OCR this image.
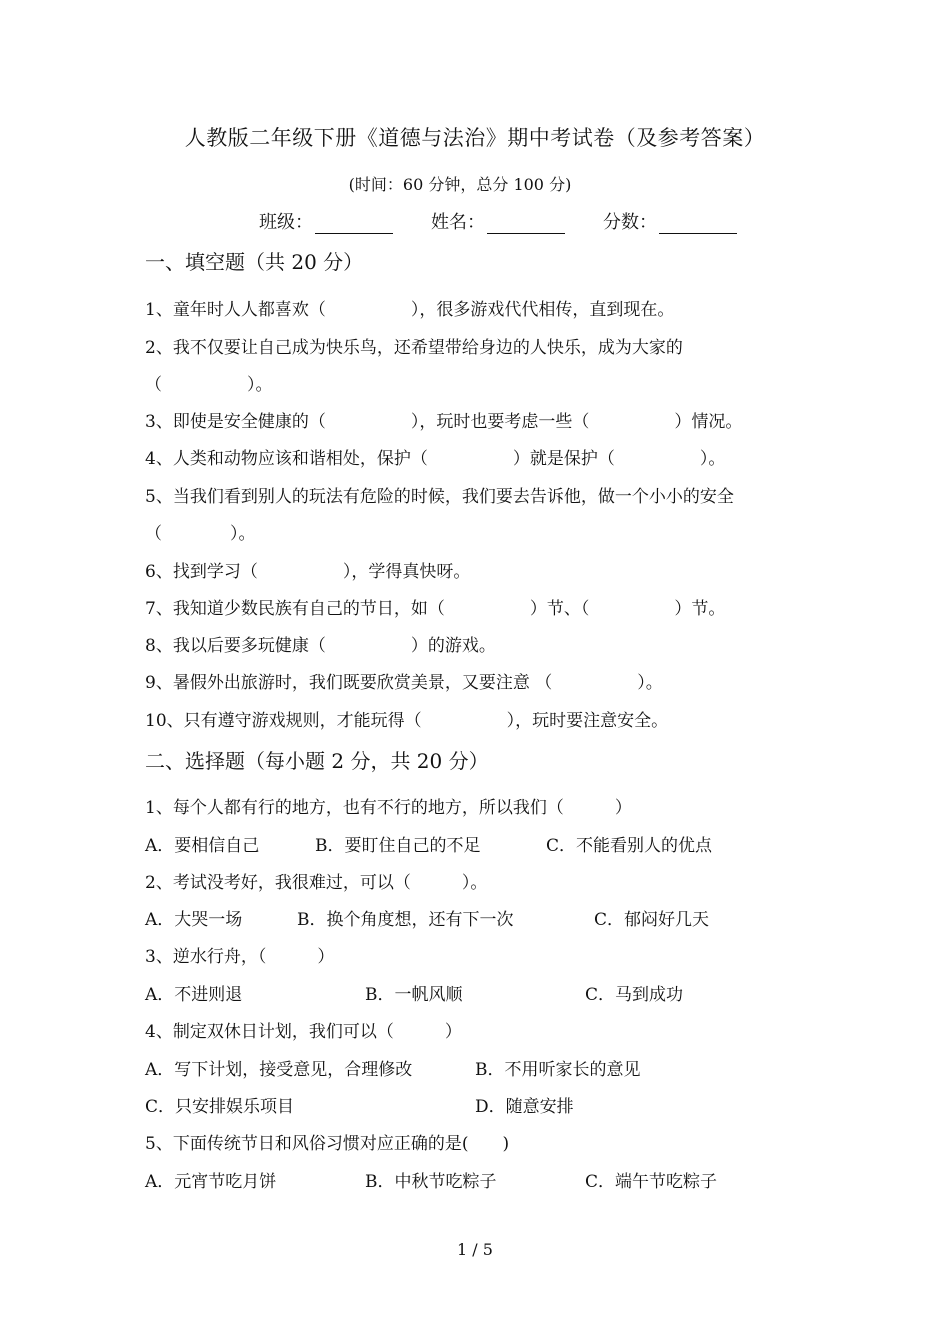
人教版二年级下册《道德与法治》期中考试卷（及参考答案）
(时间：60 分钟，总分 100 分)
班级：	姓名：	分数：
一、填空题（共 20 分）
1、童年时人人都喜欢（　　　　　），很多游戏代代相传，直到现在。
2、我不仅要让自己成为快乐鸟，还希望带给身边的人快乐，成为大家的
（　　　　　）。
3、即使是安全健康的（　　　　　），玩时也要考虑一些（　　　　　）情况。
4、人类和动物应该和谐相处，保护（　　　　　）就是保护（　　　　　）。
5、当我们看到别人的玩法有危险的时候，我们要去告诉他，做一个小小的安全
（　　　　）。
6、找到学习（　　　　　），学得真快呀。
7、我知道少数民族有自己的节日，如（　　　　　）节、（　　　　　）节。
8、我以后要多玩健康（　　　　　）的游戏。
9、暑假外出旅游时，我们既要欣赏美景，又要注意 （　　　　　）。
10、只有遵守游戏规则，才能玩得（　　　　　），玩时要注意安全。
二、选择题（每小题 2 分，共 20 分）
1、每个人都有行的地方，也有不行的地方，所以我们（　　　）
A．要相信自己	B．要盯住自己的不足	C．不能看别人的优点
2、考试没考好，我很难过，可以（　　　）。
A．大哭一场	B．换个角度想，还有下一次	C．郁闷好几天
3、逆水行舟，（　　　）
A．不进则退	B．一帆风顺	C．马到成功
4、制定双休日计划，我们可以（　　　）
A．写下计划，接受意见，合理修改	B．不用听家长的意见
C．只安排娱乐项目	D．随意安排
5、下面传统节日和风俗习惯对应正确的是(　　)
A．元宵节吃月饼	B．中秋节吃粽子	C．端午节吃粽子
1 / 5
